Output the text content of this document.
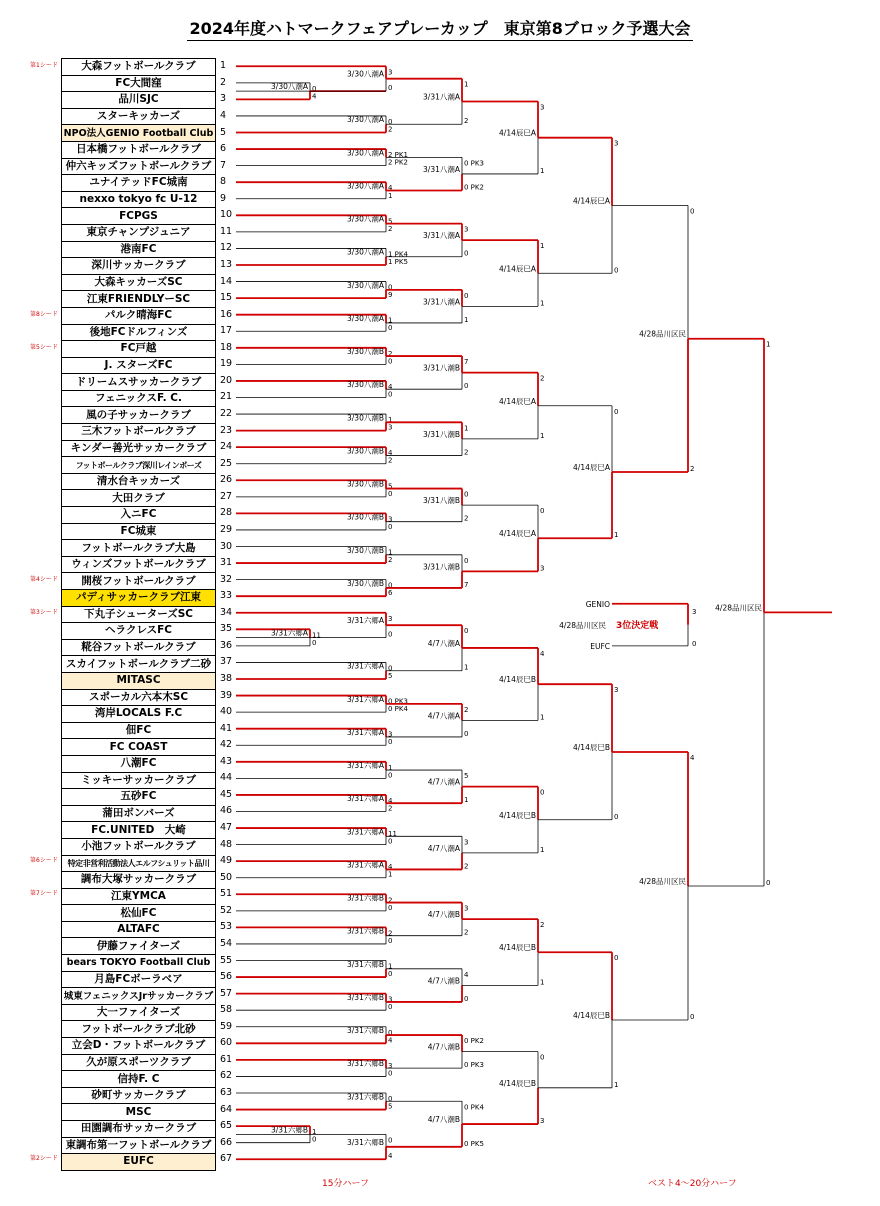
2024年度ハトマークフェアプレーカップ　東京第8ブロック予選大会
第1シード
第8シード
第5シード
第4シード
第3シード
第6シード
第7シード
第2シード
大森フットボールクラブ
FC大間窪
品川SJC
スターキッカーズ
NPO法人GENIO Football Club
日本橋フットボールクラブ
仲六キッズフットボールクラブ
ユナイテッドFC城南
nexxo tokyo fc U-12
FCPGS
東京チャンプジュニア
港南FC
深川サッカークラブ
大森キッカーズSC
江東FRIENDLYーSC
パルク晴海FC
後地FCドルフィンズ
FC戸越
J. スターズFC
ドリームスサッカークラブ
フェニックスF. C.
風の子サッカークラブ
三木フットボールクラブ
キンダー善光サッカークラブ
フットボールクラブ深川レインボーズ
清水台キッカーズ
大田クラブ
入ニFC
FC城東
フットボールクラブ大島
ウィンズフットボールクラブ
開桜フットボールクラブ
パディサッカークラブ江東
下丸子シューターズSC
ヘラクレスFC
糀谷フットボールクラブ
スカイフットボールクラブ二砂
MITASC
スポーカル六本木SC
湾岸LOCALS F.C
佃FC
FC COAST
八潮FC
ミッキーサッカークラブ
五砂FC
蒲田ボンバーズ
FC.UNITED　大崎
小池フットボールクラブ
特定非営利活動法人エルフシュリット品川
調布大塚サッカークラブ
江東YMCA
松仙FC
ALTAFC
伊藤ファイターズ
bears TOKYO Football Club
月島FCボーラベア
城東フェニックスJrサッカークラブ
大一ファイターズ
フットボールクラブ北砂
立会D・フットボールクラブ
久が原スポーツクラブ
信持F. C
砂町サッカークラブ
MSC
田園調布サッカークラブ
東調布第一フットボールクラブ
EUFC
1
2
3
4
5
6
7
8
9
10
11
12
13
14
15
16
17
18
19
20
21
22
23
24
25
26
27
28
29
30
31
32
33
34
35
36
37
38
39
40
41
42
43
44
45
46
47
48
49
50
51
52
53
54
55
56
57
58
59
60
61
62
63
64
65
66
67
3/30八潮A 0
4
3/30八潮A 3
0
3/30八潮A 0
2
3/30八潮A 2 PK1
2 PK2
3/30八潮A 4
1
3/30八潮A 5
2
3/30八潮A 1 PK4
1 PK5
3/30八潮A 0
9
3/30八潮A 1
0
3/31八潮A
1
2
3/31八潮A
0 PK3
0 PK2
3/31八潮A
3
0
3/31八潮A
0
1
4/14辰巳A
3
1
4/14辰巳A
1
1
4/14辰巳A
3
0
3/30八潮B 2
0
3/30八潮B 4
0
3/30八潮B 1
3
3/30八潮B 4
2
3/30八潮B 5
0
3/30八潮B 3
0
3/30八潮B 1
2
3/30八潮B 0
6
3/31八潮B
7
0
3/31八潮B
1
2
3/31八潮B
0
2
3/31八潮B
0
7
4/14辰巳A
2
1
4/14辰巳A
0
3
4/14辰巳A
0
1
4/28品川区民
0
2
3/31六郷A 11
0
3/31六郷A 3
0
3/31六郷A 0
5
3/31六郷A 0 PK3
0 PK4
3/31六郷A 3
0
3/31六郷A 1
0
3/31六郷A 4
2
3/31六郷A 11
0
3/31六郷A 4
1
4/7八潮A
0
1
4/7八潮A
2
0
4/7八潮A
5
1
4/7八潮A
3
2
4/14辰巳B
4
1
4/14辰巳B
0
1
4/14辰巳B
3
0
3/31六郷B 2
0
3/31六郷B 2
0
3/31六郷B 1
0
3/31六郷B 3
0
3/31六郷B 0
4
3/31六郷B 3
0
3/31六郷B 0
5
3/31六郷B 1
0	3/31六郷B 0
4
4/7八潮B
3
2
4/7八潮B
4
0
4/7八潮B
0 PK2
0 PK3
4/7八潮B
0 PK4
0 PK5
4/14辰巳B
2
1
4/14辰巳B
0
3
4/14辰巳B
0
1
4/28品川区民
4
0
4/28品川区民
1
0
GENIO
EUFC
3
0
4/28品川区民 3位決定戦
15分ハーフ	ベスト4～20分ハーフ
